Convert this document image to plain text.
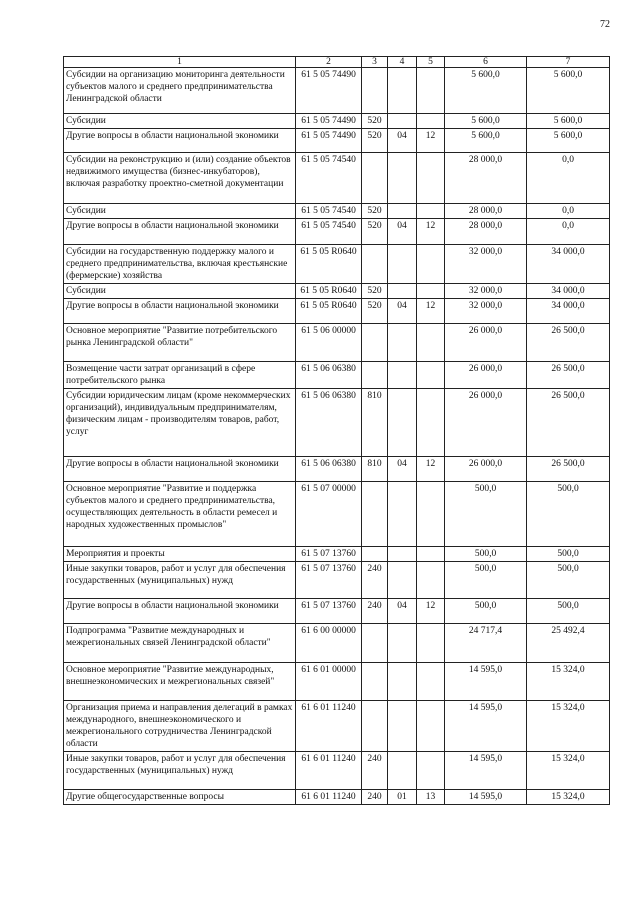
72
1	2	3	4	5	6	7
Субсидии на организацию мониторинга деятельности субъектов малого и среднего предпринимательства Ленинградской области	61 5 05 74490				5 600,0	5 600,0
Субсидии	61 5 05 74490	520			5 600,0	5 600,0
Другие вопросы в области национальной экономики	61 5 05 74490	520	04	12	5 600,0	5 600,0
Субсидии на реконструкцию и (или) создание объектов недвижимого имущества (бизнес-инкубаторов), включая разработку проектно-сметной документации	61 5 05 74540				28 000,0	0,0
Субсидии	61 5 05 74540	520			28 000,0	0,0
Другие вопросы в области национальной экономики	61 5 05 74540	520	04	12	28 000,0	0,0
Субсидии на государственную поддержку малого и среднего предпринимательства, включая крестьянские (фермерские) хозяйства	61 5 05 R0640				32 000,0	34 000,0
Субсидии	61 5 05 R0640	520			32 000,0	34 000,0
Другие вопросы в области национальной экономики	61 5 05 R0640	520	04	12	32 000,0	34 000,0
Основное мероприятие "Развитие потребительского рынка Ленинградской области"	61 5 06 00000				26 000,0	26 500,0
Возмещение части затрат организаций в сфере потребительского рынка	61 5 06 06380				26 000,0	26 500,0
Субсидии юридическим лицам (кроме некоммерческих организаций), индивидуальным предпринимателям, физическим лицам - производителям товаров, работ, услуг	61 5 06 06380	810			26 000,0	26 500,0
Другие вопросы в области национальной экономики	61 5 06 06380	810	04	12	26 000,0	26 500,0
Основное мероприятие "Развитие и поддержка субъектов малого и среднего предпринимательства, осуществляющих деятельность в области ремесел и народных художественных промыслов"	61 5 07 00000				500,0	500,0
Мероприятия и проекты	61 5 07 13760				500,0	500,0
Иные закупки товаров, работ и услуг для обеспечения государственных (муниципальных) нужд	61 5 07 13760	240			500,0	500,0
Другие вопросы в области национальной экономики	61 5 07 13760	240	04	12	500,0	500,0
Подпрограмма "Развитие международных и межрегиональных связей Ленинградской области"	61 6 00 00000				24 717,4	25 492,4
Основное мероприятие "Развитие международных, внешнеэкономических и межрегиональных связей"	61 6 01 00000				14 595,0	15 324,0
Организация приема и направления делегаций в рамках международного, внешнеэкономического и межрегионального сотрудничества Ленинградской области	61 6 01 11240				14 595,0	15 324,0
Иные закупки товаров, работ и услуг для обеспечения государственных (муниципальных) нужд	61 6 01 11240	240			14 595,0	15 324,0
Другие общегосударственные вопросы	61 6 01 11240	240	01	13	14 595,0	15 324,0
